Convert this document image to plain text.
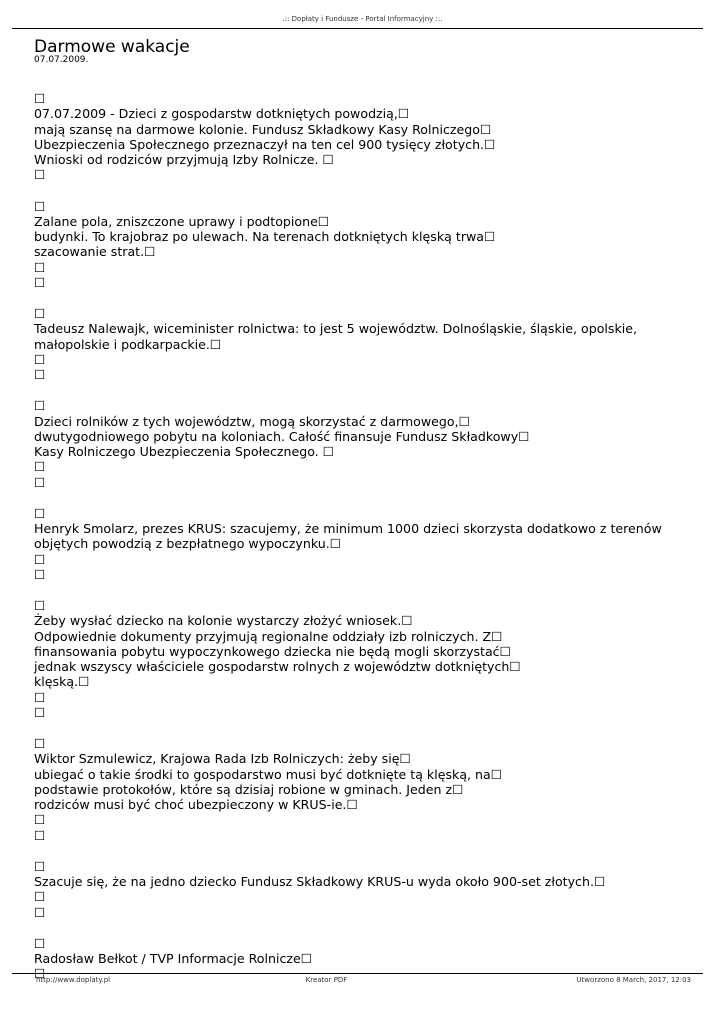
.:: Dopłaty i Fundusze - Portal Informacyjny ::.
Darmowe wakacje
07.07.2009.
☐
07.07.2009 - Dzieci z gospodarstw dotkniętych powodzią,☐
mają szansę na darmowe kolonie. Fundusz Składkowy Kasy Rolniczego☐
Ubezpieczenia Społecznego przeznaczył na ten cel 900 tysięcy złotych.☐
Wnioski od rodziców przyjmują Izby Rolnicze. ☐
☐
☐
Zalane pola, zniszczone uprawy i podtopione☐
budynki. To krajobraz po ulewach. Na terenach dotkniętych klęską trwa☐
szacowanie strat.☐
☐
☐
☐
Tadeusz Nalewajk, wiceminister rolnictwa: to jest 5 województw. Dolnośląskie, śląskie, opolskie,
małopolskie i podkarpackie.☐
☐
☐
☐
Dzieci rolników z tych województw, mogą skorzystać z darmowego,☐
dwutygodniowego pobytu na koloniach. Całość finansuje Fundusz Składkowy☐
Kasy Rolniczego Ubezpieczenia Społecznego. ☐
☐
☐
☐
Henryk Smolarz, prezes KRUS: szacujemy, że minimum 1000 dzieci skorzysta dodatkowo z terenów
objętych powodzią z bezpłatnego wypoczynku.☐
☐
☐
☐
Żeby wysłać dziecko na kolonie wystarczy złożyć wniosek.☐
Odpowiednie dokumenty przyjmują regionalne oddziały izb rolniczych. Z☐
finansowania pobytu wypoczynkowego dziecka nie będą mogli skorzystać☐
jednak wszyscy właściciele gospodarstw rolnych z województw dotkniętych☐
klęską.☐
☐
☐
☐
Wiktor Szmulewicz, Krajowa Rada Izb Rolniczych: żeby się☐
ubiegać o takie środki to gospodarstwo musi być dotknięte tą klęską, na☐
podstawie protokołów, które są dzisiaj robione w gminach. Jeden z☐
rodziców musi być choć ubezpieczony w KRUS-ie.☐
☐
☐
☐
Szacuje się, że na jedno dziecko Fundusz Składkowy KRUS-u wyda około 900-set złotych.☐
☐
☐
☐
Radosław Bełkot / TVP Informacje Rolnicze☐
☐
http://www.doplaty.pl	Kreator PDF	Utworzono 8 March, 2017, 12:03
